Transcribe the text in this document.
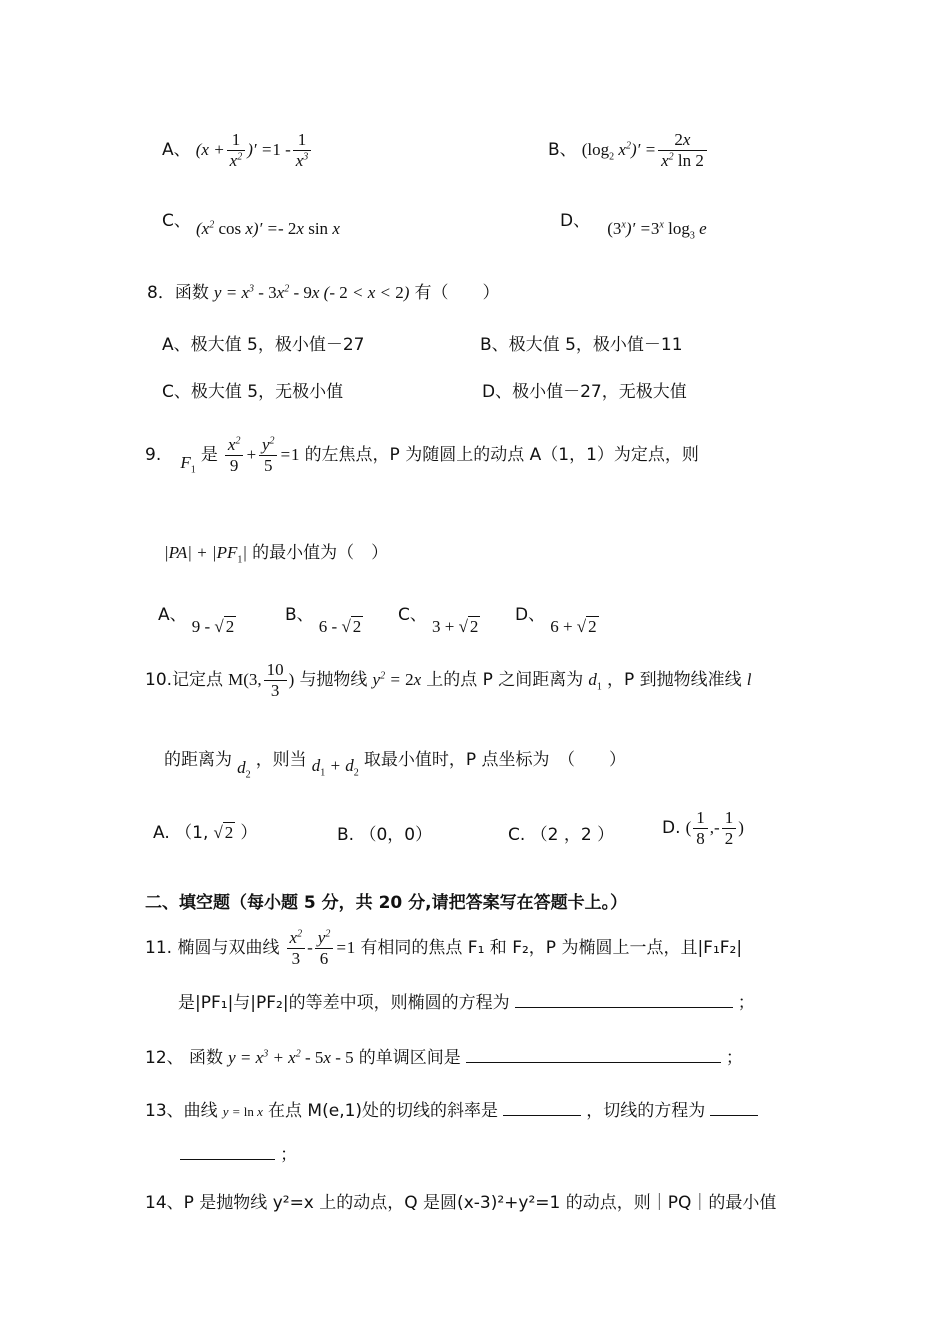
A、 ($x + \frac{1}{x^2}$ )′ $=1 - \frac{1}{x^3}$	B、 ($\log_2$ $x^2)' = \frac{2x}{x^2 \ln 2}$
C、 ($x^2$ cos x)′ =- 2x sin x	D、 $(3^x)' =3^x$ $\log_3 e$
8．函数 $y = x^3 - 3x^2 - 9x$ (- 2 < x < 2) 有（　　）
A、极大值 5，极小值－27	B、极大值 5，极小值－11
C、极大值 5，无极小值	D、极小值－27，无极大值
9. $F_1$ 是 $\frac{x^2}{9} + \frac{y^2}{5} =1$ 的左焦点，P 为随圆上的动点 A（1，1）为定点，则
$|PA| + |PF_1|$ 的最小值为（　）
A、 9 - √ 2
B、 6 - √ 2
C、 3 + √ 2
D、 6 + √ 2
10.记定点 M(3, $\frac{10}{3}$ ) 与抛物线 $y^2 = 2x$ 上的点 P 之间距离为 $d_1$ ，P 到抛物线准线 l
的距离为 $d_2$ ，则当 $d_1 + d_2$ 取最小值时，P 点坐标为　（　　）
A. （1, √ 2 ）	B. （0，0）	C. （2 ，2 ）	D. ( $\frac{1}{8}$ ,- $\frac{1}{2}$ )
二、填空题（每小题 5 分，共 20 分,请把答案写在答题卡上。）
11. 椭圆与双曲线 $\frac{x^2}{3} - \frac{y^2}{6} =1$ 有相同的焦点 F₁ 和 F₂，P 为椭圆上一点，且|F₁F₂|
是|PF₁|与|PF₂|的等差中项，则椭圆的方程为	；
12、 函数 $y = x^3 + x^2 - 5x - 5$ 的单调区间是	；
13、曲线 y = ln x 在点 M(e,1)处的切线的斜率是	，切线的方程为
；
14、P 是抛物线 y²=x 上的动点，Q 是圆(x-3)²+y²=1 的动点，则｜PQ｜的最小值
